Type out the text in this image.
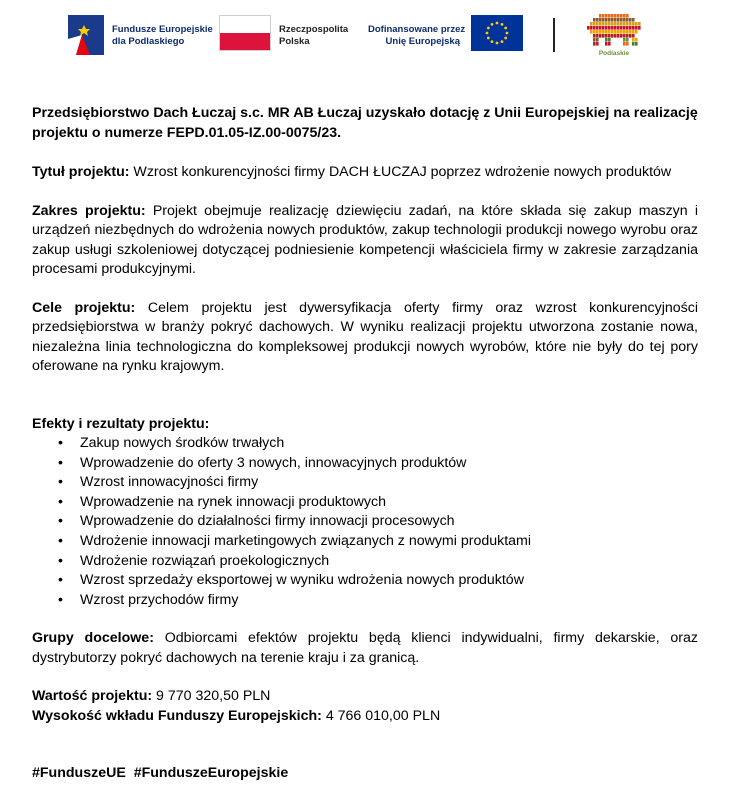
Fundusze Europejskie
dla Podlaskiego
Rzeczpospolita
Polska
Dofinansowane przez
Unię Europejską
Podlaskie

Przedsiębiorstwo Dach Łuczaj s.c. MR AB Łuczaj uzyskało dotację z Unii Europejskiej na realizację projektu o numerze FEPD.01.05-IZ.00-0075/23.

Tytuł projektu: Wzrost konkurencyjności firmy DACH ŁUCZAJ poprzez wdrożenie nowych produktów

Zakres projektu: Projekt obejmuje realizację dziewięciu zadań, na które składa się zakup maszyn i urządzeń niezbędnych do wdrożenia nowych produktów, zakup technologii produkcji nowego wyrobu oraz zakup usługi szkoleniowej dotyczącej podniesienie kompetencji właściciela firmy w zakresie zarządzania procesami produkcyjnymi.

Cele projektu: Celem projektu jest dywersyfikacja oferty firmy oraz wzrost konkurencyjności przedsiębiorstwa w branży pokryć dachowych. W wyniku realizacji projektu utworzona zostanie nowa, niezależna linia technologiczna do kompleksowej produkcji nowych wyrobów, które nie były do tej pory oferowane na rynku krajowym.

Efekty i rezultaty projektu:

• Zakup nowych środków trwałych
• Wprowadzenie do oferty 3 nowych, innowacyjnych produktów
• Wzrost innowacyjności firmy
• Wprowadzenie na rynek innowacji produktowych
• Wprowadzenie do działalności firmy innowacji procesowych
• Wdrożenie innowacji marketingowych związanych z nowymi produktami
• Wdrożenie rozwiązań proekologicznych
• Wzrost sprzedaży eksportowej w wyniku wdrożenia nowych produktów
• Wzrost przychodów firmy

Grupy docelowe: Odbiorcami efektów projektu będą klienci indywidualni, firmy dekarskie, oraz dystrybutorzy pokryć dachowych na terenie kraju i za granicą.

Wartość projektu: 9 770 320,50 PLN

Wysokość wkładu Funduszy Europejskich: 4 766 010,00 PLN

#FunduszeUE  #FunduszeEuropejskie
